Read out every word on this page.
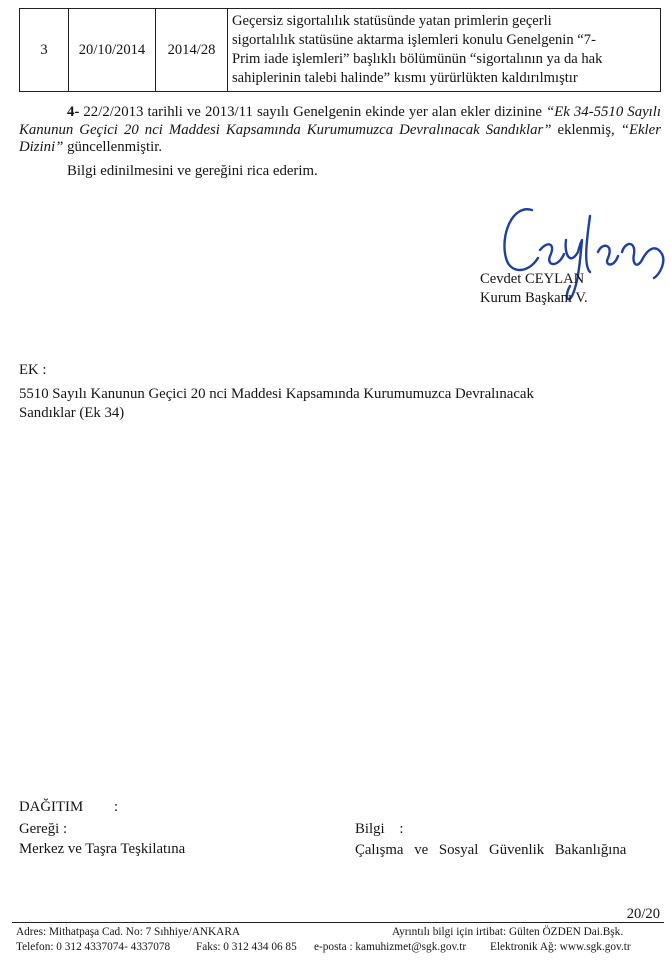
3	20/10/2014	2014/28
Geçersiz sigortalılık statüsünde yatan primlerin geçerli
sigortalılık statüsüne aktarma işlemleri konulu Genelgenin “7-
Prim iade işlemleri” başlıklı bölümünün “sigortalının ya da hak
sahiplerinin talebi halinde” kısmı yürürlükten kaldırılmıştır
4- 22/2/2013 tarihli ve 2013/11 sayılı Genelgenin ekinde yer alan ekler dizinine “Ek 34-5510 Sayılı Kanunun Geçici 20 nci Maddesi Kapsamında Kurumumuzca Devralınacak Sandıklar” eklenmiş, “Ekler Dizini” güncellenmiştir.
Bilgi edinilmesini ve gereğini rica ederim.
Cevdet CEYLAN
Kurum Başkanı V.
EK :
5510 Sayılı Kanunun Geçici 20 nci Maddesi Kapsamında Kurumumuzca Devralınacak
Sandıklar (Ek 34)
DAĞITIM :
Gereği :
Merkez ve Taşra Teşkilatına
Bilgi    :
Çalışma ve Sosyal Güvenlik Bakanlığına
20/20
Adres: Mithatpaşa Cad. No: 7 Sıhhiye/ANKARA	Ayrıntılı bilgi için irtibat: Gülten ÖZDEN Dai.Bşk.
Telefon: 0 312 4337074- 4337078 Faks: 0 312 434 06 85 e-posta : kamuhizmet@sgk.gov.tr Elektronik Ağ: www.sgk.gov.tr
